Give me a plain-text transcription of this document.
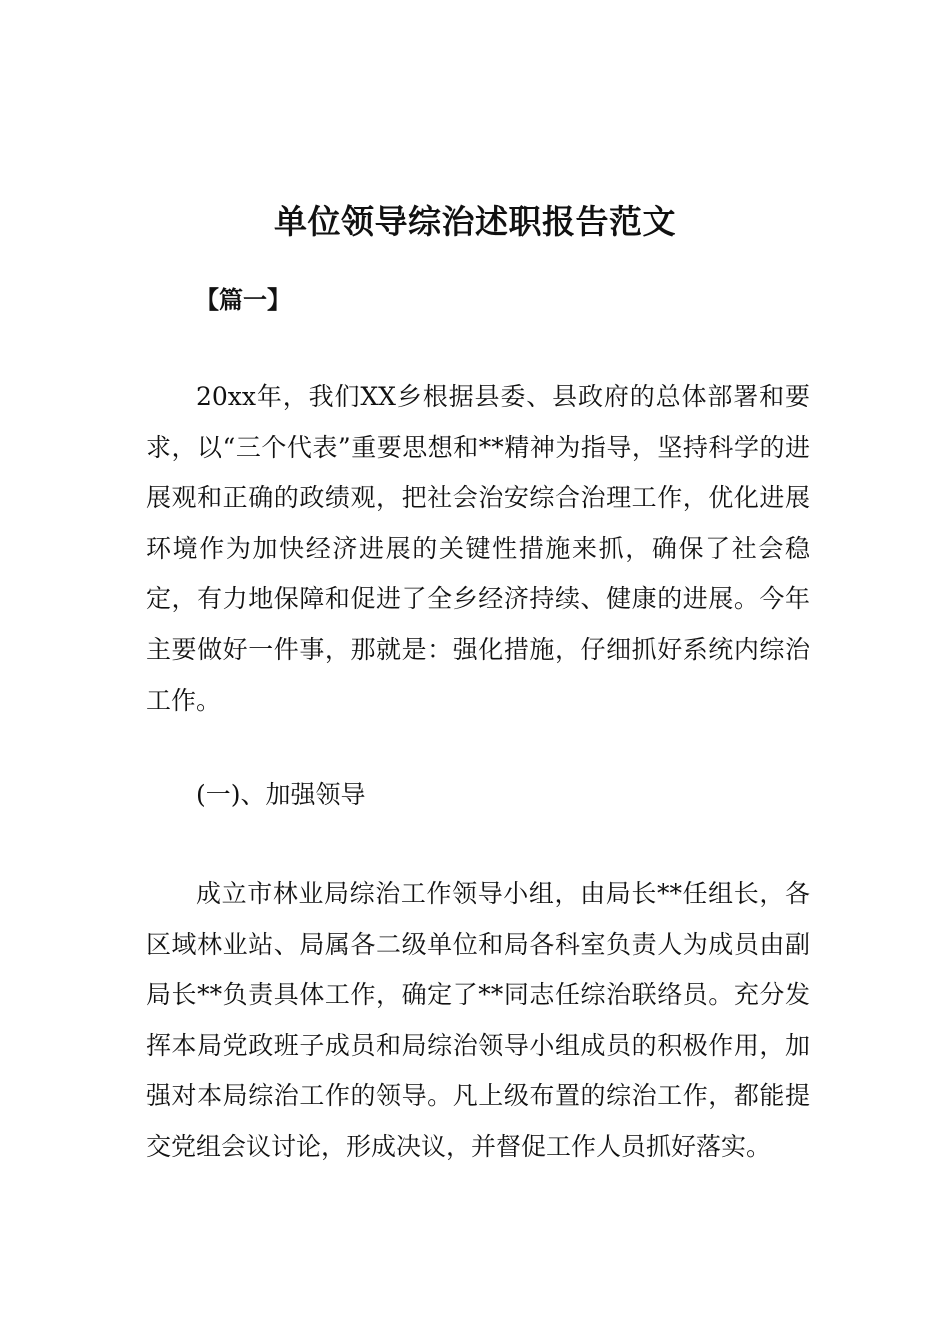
单位领导综治述职报告范文
【篇一】

20xx年，我们XX乡根据县委、县政府的总体部署和要求，以“三个代表”重要思想和**精神为指导，坚持科学的进展观和正确的政绩观，把社会治安综合治理工作，优化进展环境作为加快经济进展的关键性措施来抓，确保了社会稳定，有力地保障和促进了全乡经济持续、健康的进展。今年主要做好一件事，那就是：强化措施，仔细抓好系统内综治工作。

(一)、加强领导

成立市林业局综治工作领导小组，由局长**任组长，各区域林业站、局属各二级单位和局各科室负责人为成员由副局长**负责具体工作，确定了**同志任综治联络员。充分发挥本局党政班子成员和局综治领导小组成员的积极作用，加强对本局综治工作的领导。凡上级布置的综治工作，都能提交党组会议讨论，形成决议，并督促工作人员抓好落实。
